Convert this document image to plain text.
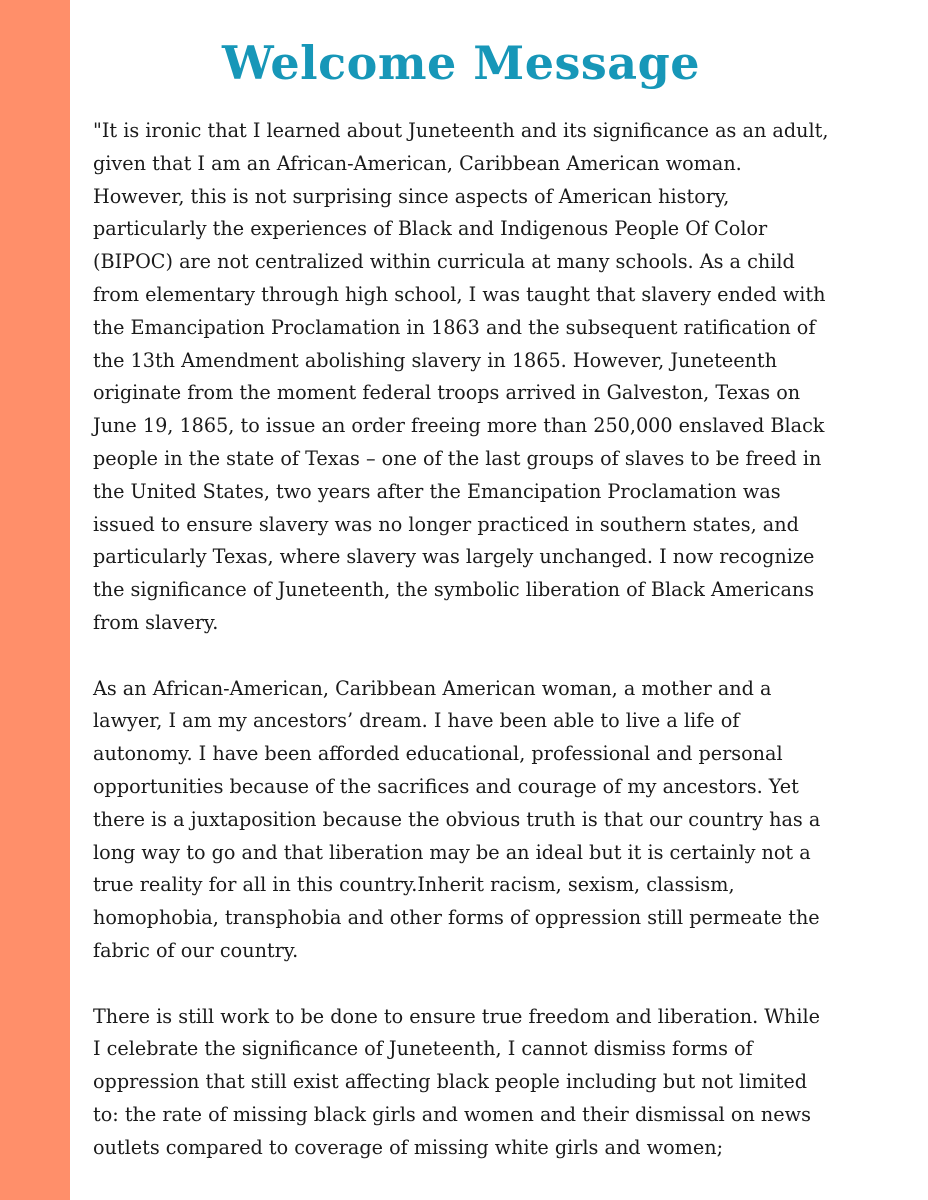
Welcome Message

"It is ironic that I learned about Juneteenth and its significance as an adult,
given that I am an African-American, Caribbean American woman.
However, this is not surprising since aspects of American history,
particularly the experiences of Black and Indigenous People Of Color
(BIPOC) are not centralized within curricula at many schools. As a child
from elementary through high school, I was taught that slavery ended with
the Emancipation Proclamation in 1863 and the subsequent ratification of
the 13th Amendment abolishing slavery in 1865. However, Juneteenth
originate from the moment federal troops arrived in Galveston, Texas on
June 19, 1865, to issue an order freeing more than 250,000 enslaved Black
people in the state of Texas – one of the last groups of slaves to be freed in
the United States, two years after the Emancipation Proclamation was
issued to ensure slavery was no longer practiced in southern states, and
particularly Texas, where slavery was largely unchanged. I now recognize
the significance of Juneteenth, the symbolic liberation of Black Americans
from slavery.

As an African-American, Caribbean American woman, a mother and a
lawyer, I am my ancestors’ dream. I have been able to live a life of
autonomy. I have been afforded educational, professional and personal
opportunities because of the sacrifices and courage of my ancestors. Yet
there is a juxtaposition because the obvious truth is that our country has a
long way to go and that liberation may be an ideal but it is certainly not a
true reality for all in this country.Inherit racism, sexism, classism,
homophobia, transphobia and other forms of oppression still permeate the
fabric of our country.

There is still work to be done to ensure true freedom and liberation. While
I celebrate the significance of Juneteenth, I cannot dismiss forms of
oppression that still exist affecting black people including but not limited
to: the rate of missing black girls and women and their dismissal on news
outlets compared to coverage of missing white girls and women;
